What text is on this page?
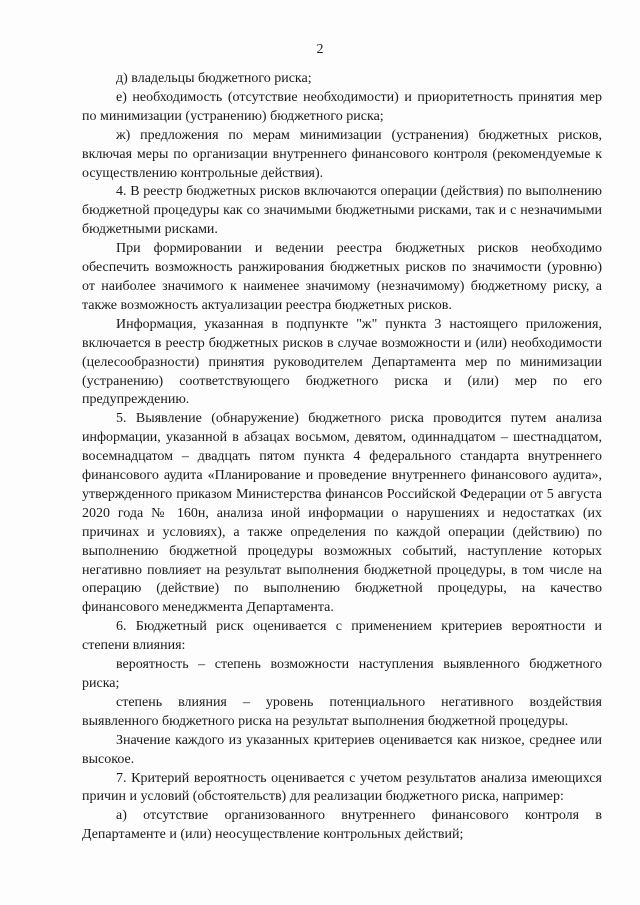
2

д) владельцы бюджетного риска;

е) необходимость (отсутствие необходимости) и приоритетность принятия мер по минимизации (устранению) бюджетного риска;

ж) предложения по мерам минимизации (устранения) бюджетных рисков, включая меры по организации внутреннего финансового контроля (рекомендуемые к осуществлению контрольные действия).

4. В реестр бюджетных рисков включаются операции (действия) по выполнению бюджетной процедуры как со значимыми бюджетными рисками, так и с незначимыми бюджетными рисками.

При формировании и ведении реестра бюджетных рисков необходимо обеспечить возможность ранжирования бюджетных рисков по значимости (уровню) от наиболее значимого к наименее значимому (незначимому) бюджетному риску, а также возможность актуализации реестра бюджетных рисков.

Информация, указанная в подпункте "ж" пункта 3 настоящего приложения, включается в реестр бюджетных рисков в случае возможности и (или) необходимости (целесообразности) принятия руководителем Департамента мер по минимизации (устранению) соответствующего бюджетного риска и (или) мер по его предупреждению.

5. Выявление (обнаружение) бюджетного риска проводится путем анализа информации, указанной в абзацах восьмом, девятом, одиннадцатом – шестнадцатом, восемнадцатом – двадцать пятом пункта 4 федерального стандарта внутреннего финансового аудита «Планирование и проведение внутреннего финансового аудита», утвержденного приказом Министерства финансов Российской Федерации от 5 августа 2020 года № 160н, анализа иной информации о нарушениях и недостатках (их причинах и условиях), а также определения по каждой операции (действию) по выполнению бюджетной процедуры возможных событий, наступление которых негативно повлияет на результат выполнения бюджетной процедуры, в том числе на операцию (действие) по выполнению бюджетной процедуры, на качество финансового менеджмента Департамента.

6. Бюджетный риск оценивается с применением критериев вероятности и степени влияния:

вероятность – степень возможности наступления выявленного бюджетного риска;

степень влияния – уровень потенциального негативного воздействия выявленного бюджетного риска на результат выполнения бюджетной процедуры.

Значение каждого из указанных критериев оценивается как низкое, среднее или высокое.

7. Критерий вероятность оценивается с учетом результатов анализа имеющихся причин и условий (обстоятельств) для реализации бюджетного риска, например:

а) отсутствие организованного внутреннего финансового контроля в Департаменте и (или) неосуществление контрольных действий;
